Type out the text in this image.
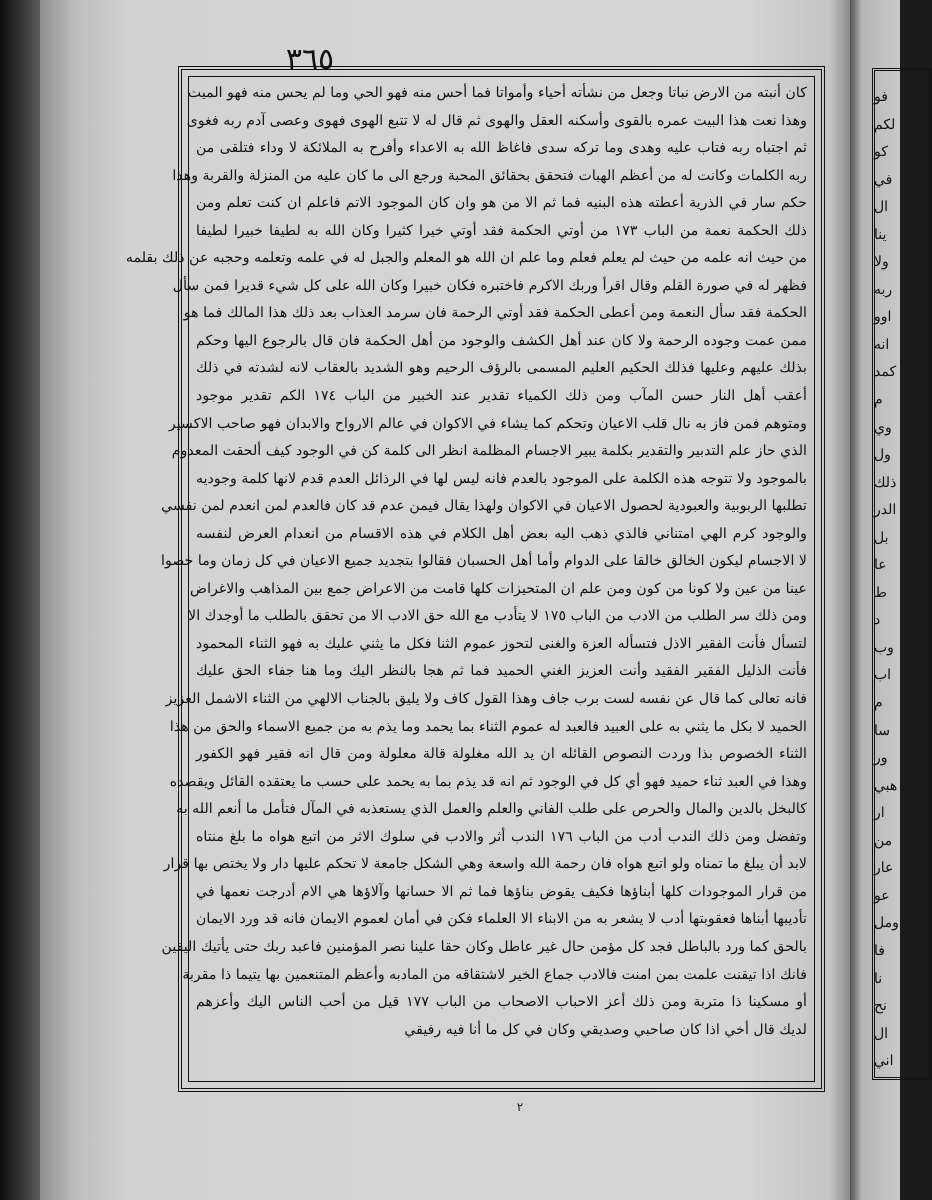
٣٦٥
كان أنبته من الارض نباتا وجعل من نشأته أحياء وأمواتا فما أحس منه فهو الحي وما لم يحس منه فهو الميت
وهذا نعت هذا البيت عمره بالقوى وأسكنه العقل والهوى ثم قال له لا تتبع الهوى فهوى وعصى آدم ربه فغوى
ثم اجتباه ربه فتاب عليه وهدى وما تركه سدى فاغاظ الله به الاعداء وأفرح به الملائكة لا وداء فتلقى من
ربه الكلمات وكانت له من أعظم الهبات فتحقق بحقائق المحبة ورجع الى ما كان عليه من المنزلة والقربة وهذا
حكم سار في الذرية أعطته هذه البنيه فما ثم الا من هو وان كان الموجود الاتم فاعلم ان كنت تعلم ومن
ذلك الحكمة نعمة من الباب ١٧٣ من أوتي الحكمة فقد أوتي خيرا كثيرا وكان الله به لطيفا خبيرا لطيفا
من حيث انه علمه من حيث لم يعلم فعلم وما علم ان الله هو المعلم والجبل له في علمه وتعلمه وحجبه عن ذلك بقلمه
فظهر له في صورة القلم وقال اقرأ وربك الاكرم فاختبره فكان خبيرا وكان الله على كل شيء قديرا فمن سأل
الحكمة فقد سأل النعمة ومن أعطى الحكمة فقد أوتي الرحمة فان سرمد العذاب بعد ذلك هذا المالك فما هو
ممن عمت وجوده الرحمة ولا كان عند أهل الكشف والوجود من أهل الحكمة فان قال بالرجوع اليها وحكم
بذلك عليهم وعليها فذلك الحكيم العليم المسمى بالرؤف الرحيم وهو الشديد بالعقاب لانه لشدته في ذلك
أعقب أهل النار حسن المآب ومن ذلك الكمياء تقدير عند الخبير من الباب ١٧٤ الكم تقدير موجود
ومتوهم فمن فاز به نال قلب الاعيان وتحكم كما يشاء في الاكوان في عالم الارواح والابدان فهو صاحب الاكسير
الذي حاز علم التدبير والتقدير بكلمة يبير الاجسام المظلمة انظر الى كلمة كن في الوجود كيف ألحقت المعدوم
بالموجود ولا تتوجه هذه الكلمة على الموجود بالعدم فانه ليس لها في الرذائل العدم قدم لانها كلمة وجوديه
تطلبها الربوبية والعبودية لحصول الاعيان في الاكوان ولهذا يقال فيمن عدم قد كان فالعدم لمن انعدم لمن نفسي
والوجود كرم الهي امتناني فالذي ذهب اليه بعض أهل الكلام في هذه الاقسام من انعدام العرض لنفسه
لا الاجسام ليكون الخالق خالقا على الدوام وأما أهل الحسبان فقالوا بتجديد جميع الاعيان في كل زمان وما خصوا
عينا من عين ولا كونا من كون ومن علم ان المتحيزات كلها قامت من الاعراض جمع بين المذاهب والاغراض
ومن ذلك سر الطلب من الادب من الباب ١٧٥ لا يتأدب مع الله حق الادب الا من تحقق بالطلب ما أوجدك الا
لتسأل فأنت الفقير الاذل فتسأله العزة والغنى لتحوز عموم الثنا فكل ما يثني عليك به فهو الثناء المحمود
فأنت الذليل الفقير الفقيد وأنت العزيز الغني الحميد فما ثم هجا بالنظر اليك وما هنا جفاء الحق عليك
فانه تعالى كما قال عن نفسه لست برب جاف وهذا القول كاف ولا يليق بالجناب الالهي من الثناء الاشمل العزيز
الحميد لا بكل ما يثني به على العبيد فالعبد له عموم الثناء بما يحمد وما يذم به من جميع الاسماء والحق من هذا
الثناء الخصوص بذا وردت النصوص القائله ان يد الله مغلولة قالة معلولة ومن قال انه فقير فهو الكفور
وهذا في العبد ثناء حميد فهو أي كل في الوجود ثم انه قد يذم بما به يحمد على حسب ما يعتقده القائل ويقصده
كالبخل بالدين والمال والحرص على طلب الفاني والعلم والعمل الذي يستعذبه في المآل فتأمل ما أنعم الله به
وتفضل ومن ذلك الندب أدب من الباب ١٧٦ الندب أثر والادب في سلوك الاثر من اتبع هواه ما بلغ منتاه
لابد أن يبلغ ما تمناه ولو اتبع هواه فان رحمة الله واسعة وهي الشكل جامعة لا تحكم عليها دار ولا يختص بها قرار
من قرار الموجودات كلها أبناؤها فكيف يقوض بناؤها فما ثم الا حسانها وآلاؤها هي الام أدرجت نعمها في
تأديبها أبناها فعقوبتها أدب لا يشعر به من الابناء الا العلماء فكن في أمان لعموم الايمان فانه قد ورد الايمان
بالحق كما ورد بالباطل فجد كل مؤمن حال غير عاطل وكان حقا علينا نصر المؤمنين فاعبد ربك حتى يأتيك اليقين
فانك اذا تيقنت علمت بمن امنت فالادب جماع الخير لاشتقاقه من المادبه وأعظم المتنعمين بها يتيما ذا مقربة
أو مسكينا ذا متربة ومن ذلك أعز الاحباب الاصحاب من الباب ١٧٧ قيل من أحب الناس اليك وأعزهم
لديك قال أخي اذا كان صاحبي وصديقي وكان في كل ما أنا فيه رفيقي
٢
فو
لكم
كو
في
ال
ينا
ولا
ربه
اوو
انه
كمد
م
وي
ول
ذلك
الدر
بل
عا
ط
د
وب
اب
م
سا
ور
هبي
ار
من
عار
عو
ومل
فا
نا
نح
ال
اني
